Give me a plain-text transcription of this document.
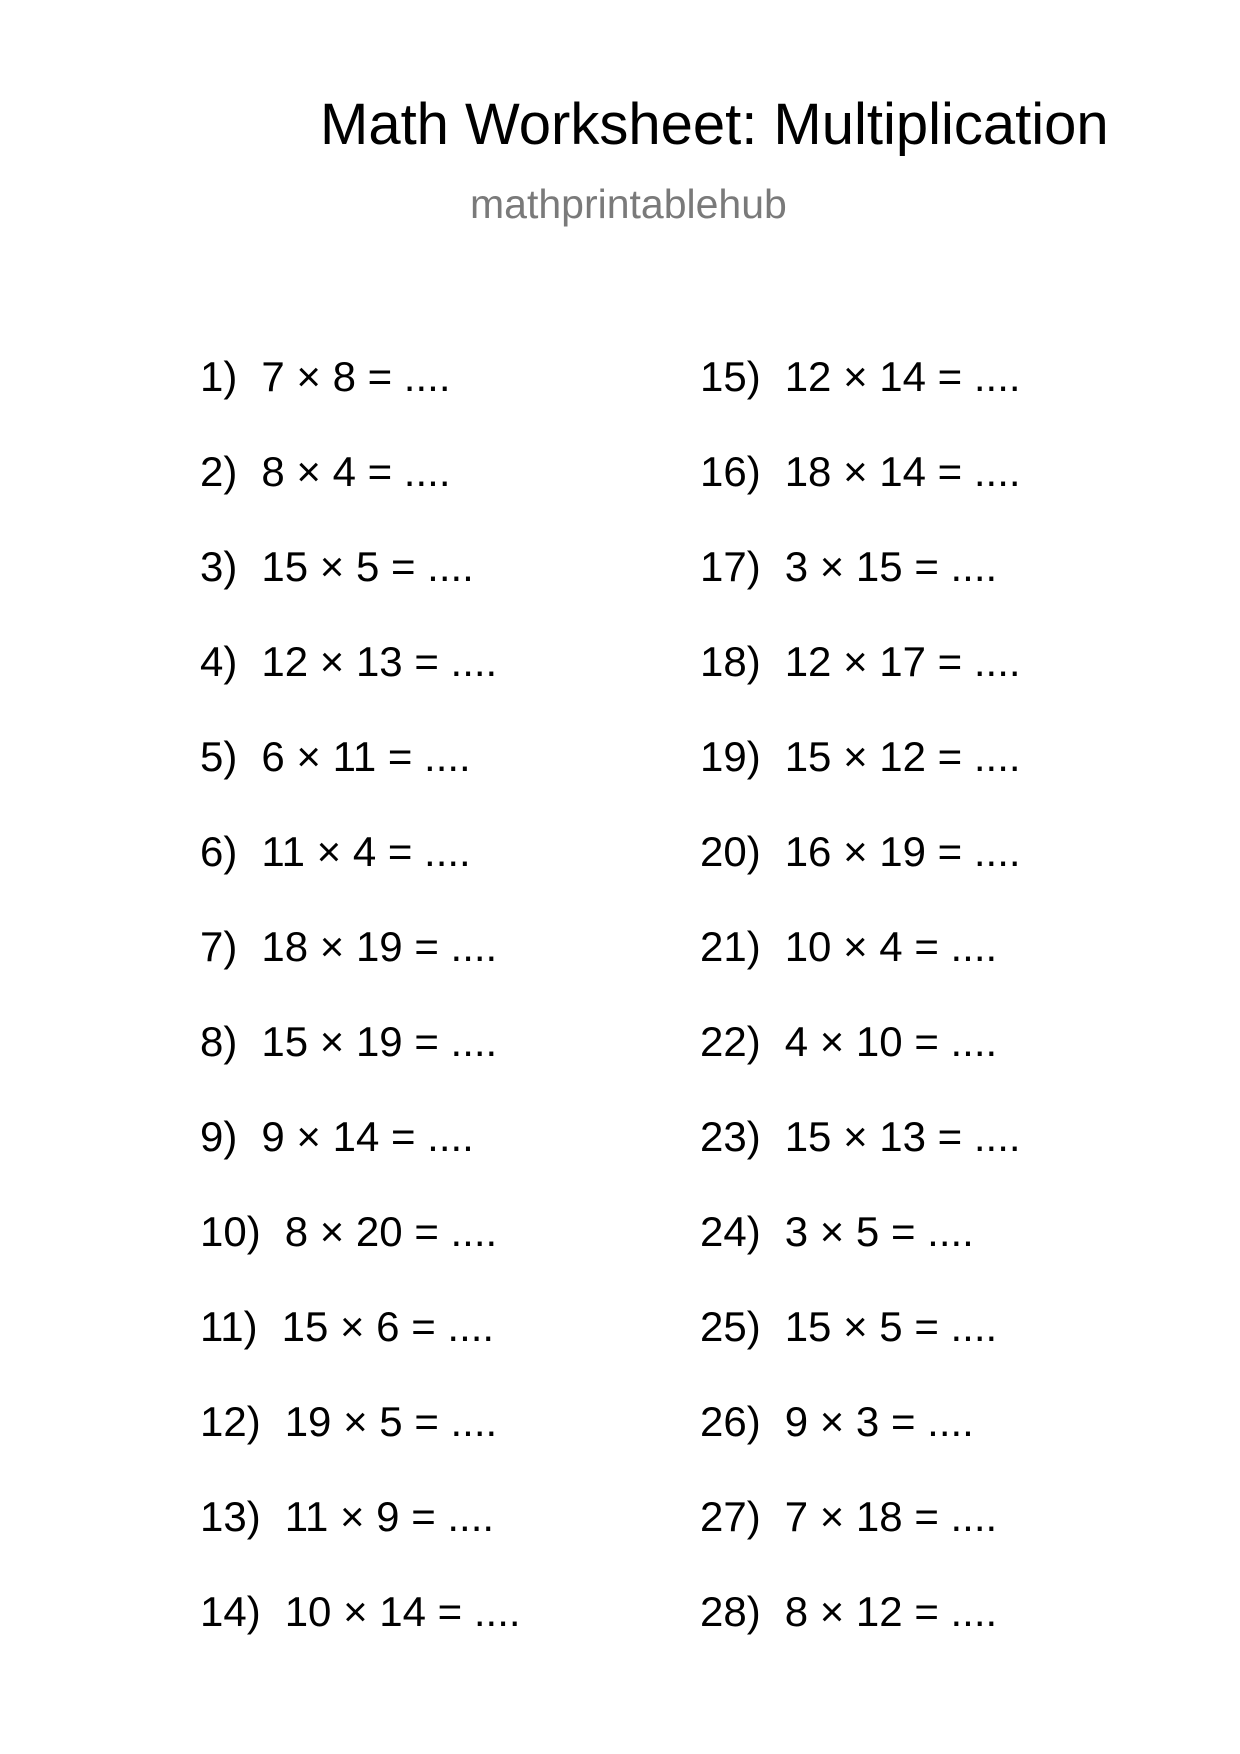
Math Worksheet: Multiplication
mathprintablehub
1) 7 × 8 = ....
2) 8 × 4 = ....
3) 15 × 5 = ....
4) 12 × 13 = ....
5) 6 × 11 = ....
6) 11 × 4 = ....
7) 18 × 19 = ....
8) 15 × 19 = ....
9) 9 × 14 = ....
10) 8 × 20 = ....
11) 15 × 6 = ....
12) 19 × 5 = ....
13) 11 × 9 = ....
14) 10 × 14 = ....
15) 12 × 14 = ....
16) 18 × 14 = ....
17) 3 × 15 = ....
18) 12 × 17 = ....
19) 15 × 12 = ....
20) 16 × 19 = ....
21) 10 × 4 = ....
22) 4 × 10 = ....
23) 15 × 13 = ....
24) 3 × 5 = ....
25) 15 × 5 = ....
26) 9 × 3 = ....
27) 7 × 18 = ....
28) 8 × 12 = ....
